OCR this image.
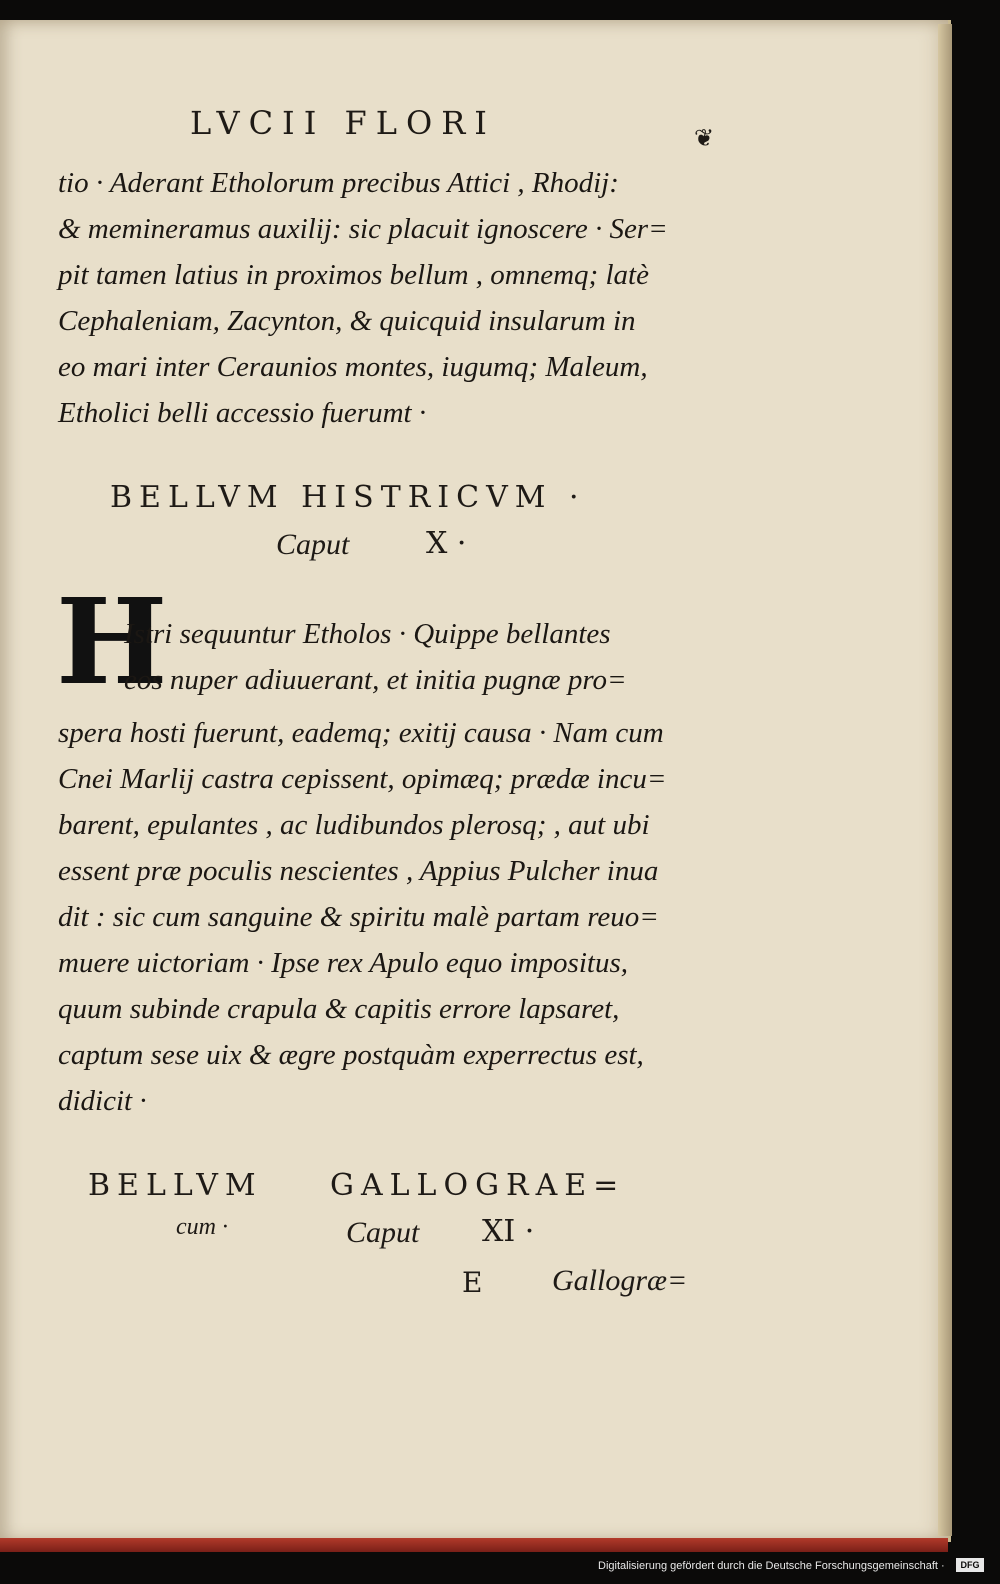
LVCII FLORI	❦
tio · Aderant Etholorum precibus Attici , Rhodij:
& memineramus auxilij: sic placuit ignoscere · Ser=
pit tamen latius in proximos bellum , omnemq; latè
Cephaleniam, Zacynton, & quicquid insularum in
eo mari inter Ceraunios montes, iugumq; Maleum,
Etholici belli accessio fuerumt ·
BELLVM HISTRICVM ·
Caput	X ·
H
Istri sequuntur Etholos · Quippe bellantes
eos nuper adiuuerant, et initia pugnæ pro=
spera hosti fuerunt, eademq; exitij causa · Nam cum
Cnei Marlij castra cepissent, opimæq; prædæ incu=
barent, epulantes , ac ludibundos plerosq; , aut ubi
essent præ poculis nescientes , Appius Pulcher inua
dit : sic cum sanguine & spiritu malè partam reuo=
muere uictoriam · Ipse rex Apulo equo impositus,
quum subinde crapula & capitis errore lapsaret,
captum sese uix & ægre postquàm experrectus est,
didicit ·
BELLVM GALLOGRAE=
cum ·	Caput XI ·
E Gallogræ=
Digitalisierung gefördert durch die Deutsche Forschungsgemeinschaft ·	DFG
